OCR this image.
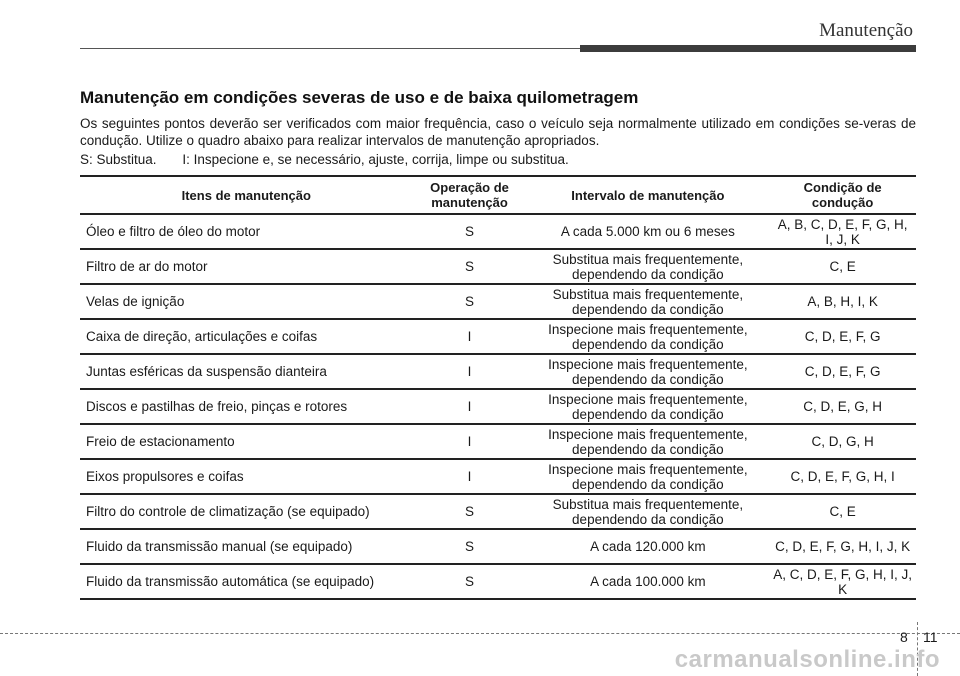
Manutenção
Manutenção em condições severas de uso e de baixa quilometragem

Os seguintes pontos deverão ser verificados com maior frequência, caso o veículo seja normalmente utilizado em condições se-veras de condução. Utilize o quadro abaixo para realizar intervalos de manutenção apropriados.

S: Substitua. I: Inspecione e, se necessário, ajuste, corrija, limpe ou substitua.

Itens de manutenção	Operação de manutenção	Intervalo de manutenção	Condição de condução
Óleo e filtro de óleo do motor	S	A cada 5.000 km ou 6 meses	A, B, C, D, E, F, G, H, I, J, K
Filtro de ar do motor	S	Substitua mais frequentemente, dependendo da condição	C, E
Velas de ignição	S	Substitua mais frequentemente, dependendo da condição	A, B, H, I, K
Caixa de direção, articulações e coifas	I	Inspecione mais frequentemente, dependendo da condição	C, D, E, F, G
Juntas esféricas da suspensão dianteira	I	Inspecione mais frequentemente, dependendo da condição	C, D, E, F, G
Discos e pastilhas de freio, pinças e rotores	I	Inspecione mais frequentemente, dependendo da condição	C, D, E, G, H
Freio de estacionamento	I	Inspecione mais frequentemente, dependendo da condição	C, D, G, H
Eixos propulsores e coifas	I	Inspecione mais frequentemente, dependendo da condição	C, D, E, F, G, H, I
Filtro do controle de climatização (se equipado)	S	Substitua mais frequentemente, dependendo da condição	C, E
Fluido da transmissão manual (se equipado)	S	A cada 120.000 km	C, D, E, F, G, H, I, J, K
Fluido da transmissão automática (se equipado)	S	A cada 100.000 km	A, C, D, E, F, G, H, I, J, K
8 11
carmanualsonline.info
